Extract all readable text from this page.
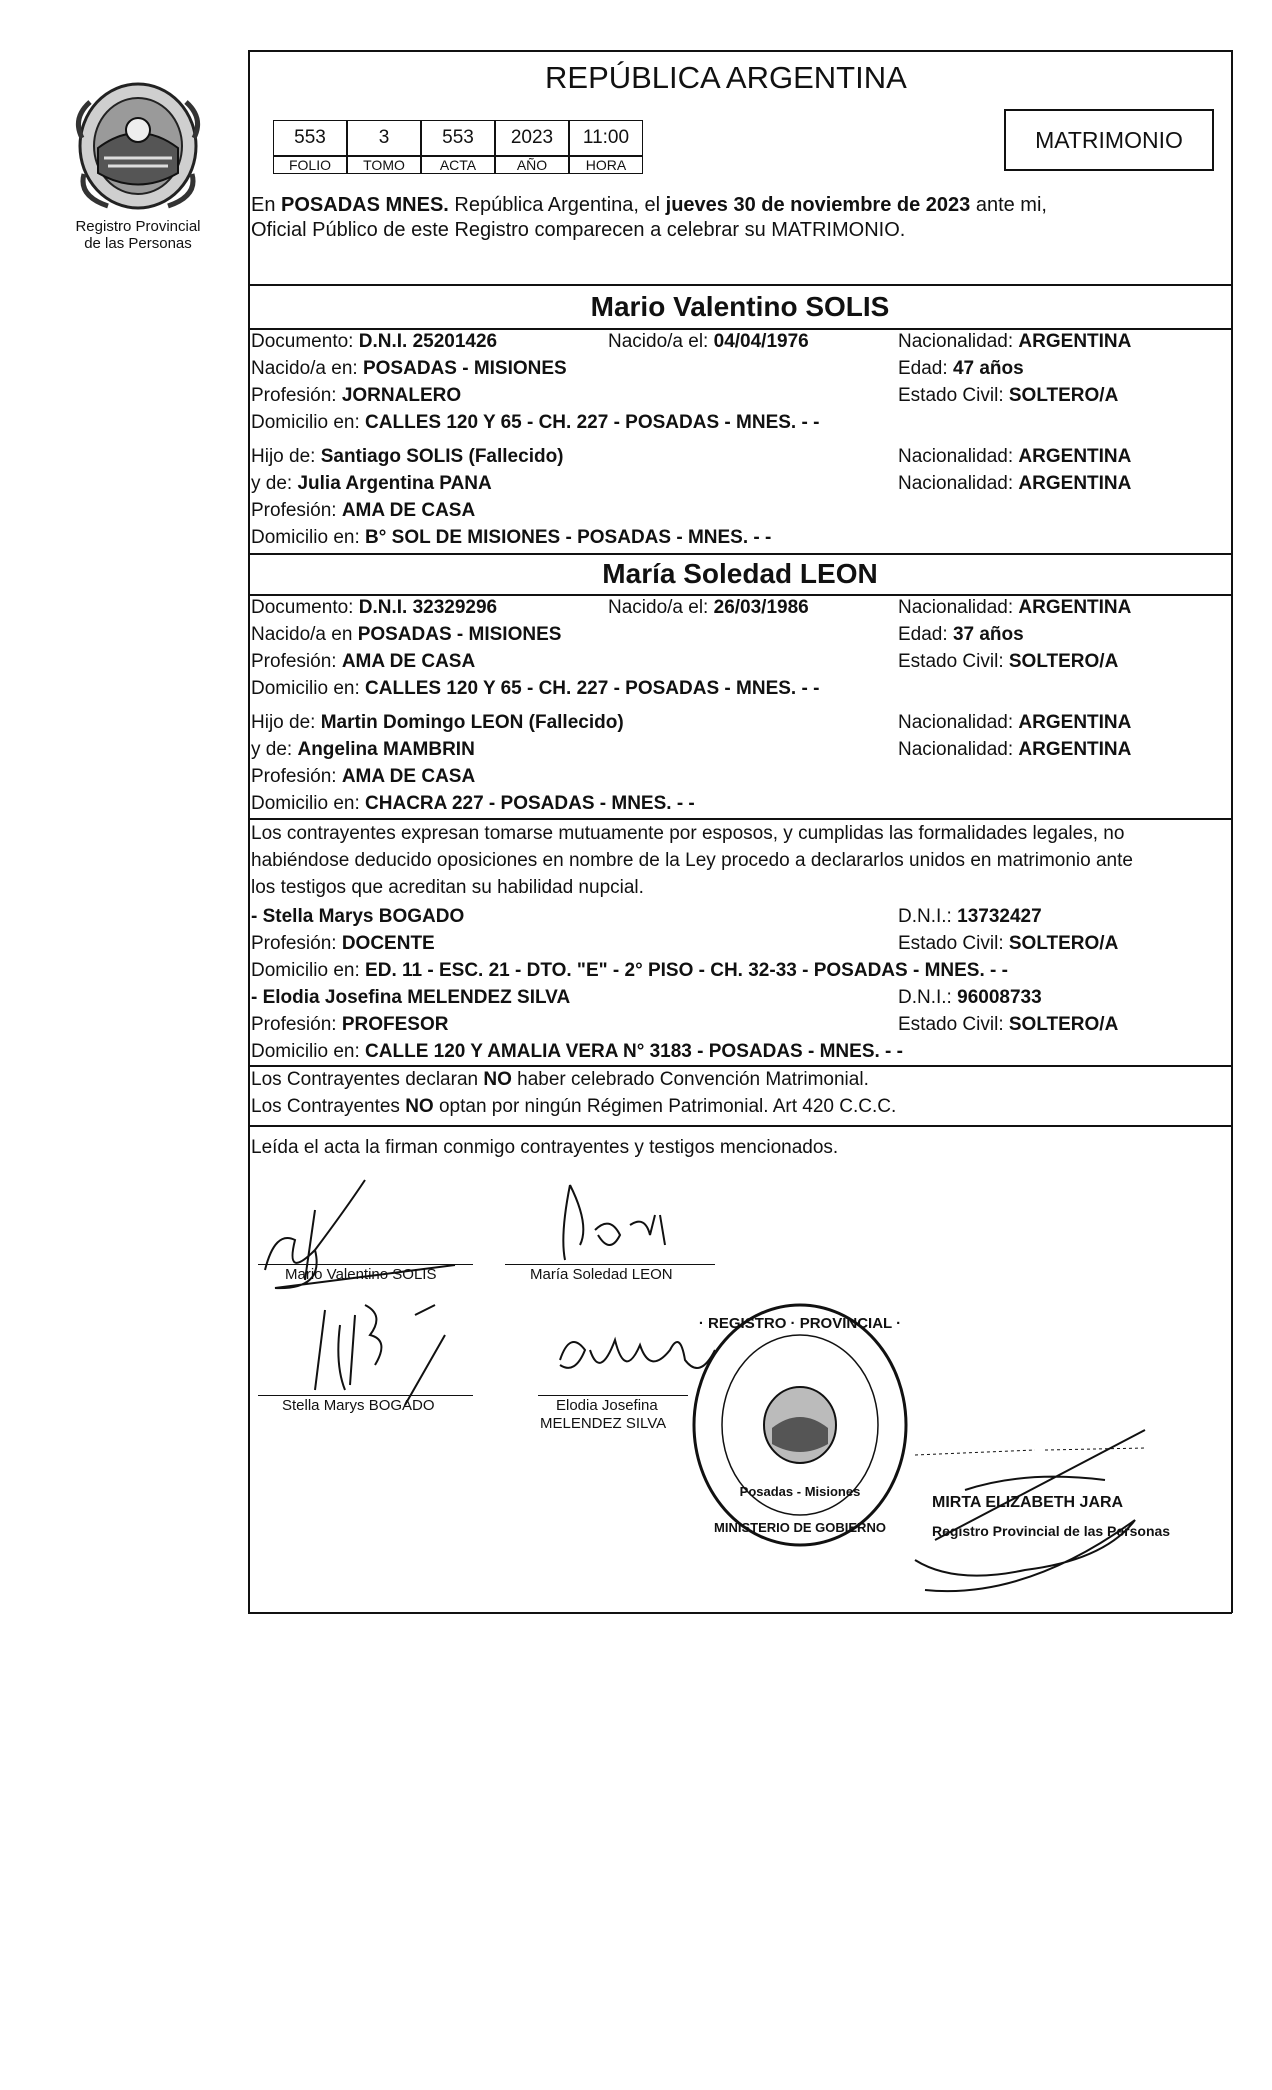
Registro Provincial
de las Personas
REPÚBLICA ARGENTINA
553	3	553	2023	11:00
FOLIO	TOMO	ACTA	AÑO	HORA
MATRIMONIO
En POSADAS MNES. República Argentina, el jueves 30 de noviembre de 2023 ante mi,
Oficial Público de este Registro comparecen a celebrar su MATRIMONIO.
Mario Valentino SOLIS
Documento: D.N.I. 25201426	Nacido/a el: 04/04/1976	Nacionalidad: ARGENTINA
Nacido/a en: POSADAS - MISIONES	Edad: 47 años
Profesión: JORNALERO	Estado Civil: SOLTERO/A
Domicilio en: CALLES 120 Y 65 - CH. 227 - POSADAS - MNES. - -
Hijo de: Santiago SOLIS (Fallecido)	Nacionalidad: ARGENTINA
y de: Julia Argentina PANA	Nacionalidad: ARGENTINA
Profesión: AMA DE CASA
Domicilio en: B° SOL DE MISIONES - POSADAS - MNES. - -
María Soledad LEON
Documento: D.N.I. 32329296	Nacido/a el: 26/03/1986	Nacionalidad: ARGENTINA
Nacido/a en POSADAS - MISIONES	Edad: 37 años
Profesión: AMA DE CASA	Estado Civil: SOLTERO/A
Domicilio en: CALLES 120 Y 65 - CH. 227 - POSADAS - MNES. - -
Hijo de: Martin Domingo LEON (Fallecido)	Nacionalidad: ARGENTINA
y de: Angelina MAMBRIN	Nacionalidad: ARGENTINA
Profesión: AMA DE CASA
Domicilio en: CHACRA 227 - POSADAS - MNES. - -
Los contrayentes expresan tomarse mutuamente por esposos, y cumplidas las formalidades legales, no
habiéndose deducido oposiciones en nombre de la Ley procedo a declararlos unidos en matrimonio ante
los testigos que acreditan su habilidad nupcial.
- Stella Marys BOGADO	D.N.I.: 13732427
Profesión: DOCENTE	Estado Civil: SOLTERO/A
Domicilio en: ED. 11 - ESC. 21 - DTO. "E" - 2° PISO - CH. 32-33 - POSADAS - MNES. - -
- Elodia Josefina MELENDEZ SILVA	D.N.I.: 96008733
Profesión: PROFESOR	Estado Civil: SOLTERO/A
Domicilio en: CALLE 120 Y AMALIA VERA N° 3183 - POSADAS - MNES. - -
Los Contrayentes declaran NO haber celebrado Convención Matrimonial.
Los Contrayentes NO optan por ningún Régimen Patrimonial. Art 420 C.C.C.
Leída el acta la firman conmigo contrayentes y testigos mencionados.
Mario Valentino SOLIS	María Soledad LEON
Stella Marys BOGADO	Elodia Josefina
MELENDEZ SILVA
· REGISTRO · PROVINCIAL ·
MINISTERIO DE GOBIERNO
Posadas - Misiones
MIRTA ELIZABETH JARA
Registro Provincial de las Personas
